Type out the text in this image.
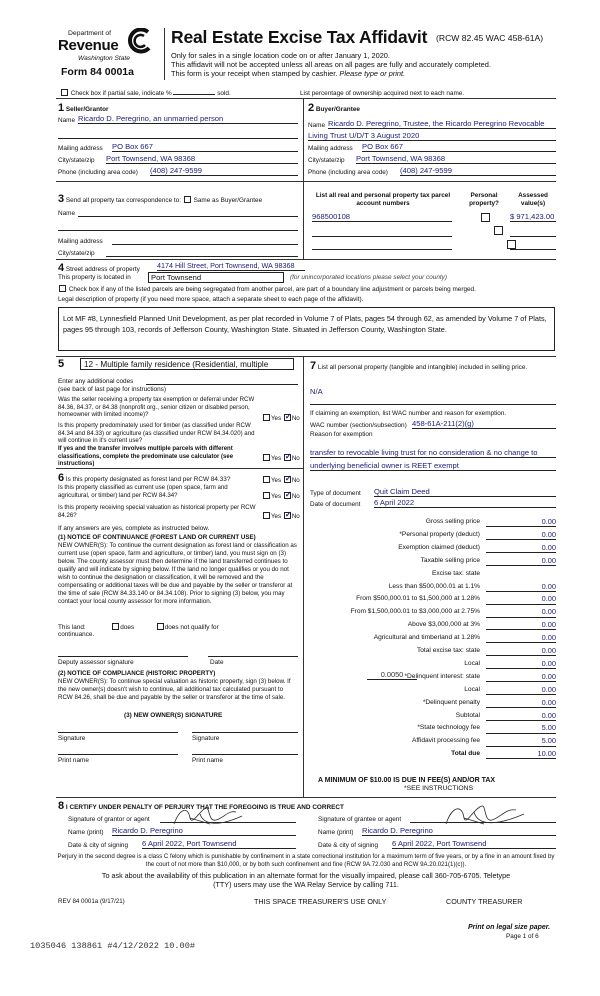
Department of
Revenue
Washington State
Form 84 0001a
Real Estate Excise Tax Affidavit (RCW 82.45 WAC 458-61A)
Only for sales in a single location code on or after January 1, 2020.
This affidavit will not be accepted unless all areas on all pages are fully and accurately completed.
This form is your receipt when stamped by cashier. Please type or print.
Check box if partial sale, indicate %	sold.	List percentage of ownership acquired next to each name.
1 Seller/Grantor
Name Ricardo D. Peregrino, an unmarried person
Mailing address PO Box 667
City/state/zip Port Townsend, WA 98368
Phone (including area code) (408) 247-9599
2 Buyer/Grantee
Name Ricardo D. Peregrino, Trustee, the Ricardo Peregrino Revocable
Living Trust U/D/T 3 August 2020
Mailing address PO Box 667
City/state/zip Port Townsend, WA 98368
Phone (including area code) (408) 247-9599
3 Send all property tax correspondence to: Same as Buyer/Grantee
Name
Mailing address
City/state/zip
List all real and personal property tax parcel account numbers
Personal property?
Assessed value(s)
968500108
	$ 971,423.00

4 Street address of property 4174 Hill Street, Port Townsend, WA 98368
This property is located in	Port Townsend	(for unincorporated locations please select your county)
Check box if any of the listed parcels are being segregated from another parcel, are part of a boundary line adjustment or parcels being merged.
Legal description of property (if you need more space, attach a separate sheet to each page of the affidavit).
Lot MF #8, Lynnesfield Planned Unit Development, as per plat recorded in Volume 7 of Plats, pages 54 through 62, as amended by Volume 7 of Plats, pages 95 through 103, records of Jefferson County, Washington State. Situated in Jefferson County, Washington State.
5	12 - Multiple family residence (Residential, multiple
Enter any additional codes
(see back of last page for instructions)
Was the seller receiving a property tax exemption or deferral under RCW 84.36, 84.37, or 84.38 (nonprofit org., senior citizen or disabled person, homeowner with limited income)?
Yes ✓ No
Is this property predominately used for timber (as classified under RCW 84.34 and 84.33) or agriculture (as classified under RCW 84.34.020) and will continue in it's current use?
If yes and the transfer involves multiple parcels with different classifications, complete the predominate use calculator (see instructions)
Yes ✓ No
6 Is this property designated as forest land per RCW 84.33?	Yes ✓ No
Is this property classified as current use (open space, farm and agricultural, or timber) land per RCW 84.34?	Yes ✓ No
Is this property receiving special valuation as historical property per RCW 84.26?	Yes ✓ No
If any answers are yes, complete as instructed below.
(1) NOTICE OF CONTINUANCE (FOREST LAND OR CURRENT USE)
NEW OWNER(S): To continue the current designation as forest land or classification as current use (open space, farm and agriculture, or timber) land, you must sign on (3) below. The county assessor must then determine if the land transferred continues to qualify and will indicate by signing below. If the land no longer qualifies or you do not wish to continue the designation or classification, it will be removed and the compensating or additional taxes will be due and payable by the seller or transferor at the time of sale (RCW 84.33.140 or 84.34.108). Prior to signing (3) below, you may contact your local county assessor for more information.
This land:	does	does not qualify for
continuance.
Deputy assessor signature	Date
(2) NOTICE OF COMPLIANCE (HISTORIC PROPERTY)
NEW OWNER(S): To continue special valuation as historic property, sign (3) below. If the new owner(s) doesn't wish to continue, all additional tax calculated pursuant to RCW 84.26, shall be due and payable by the seller or transferor at the time of sale.
(3) NEW OWNER(S) SIGNATURE
Signature	Signature
Print name	Print name
7 List all personal property (tangible and intangible) included in selling price.
N/A
If claiming an exemption, list WAC number and reason for exemption.
WAC number (section/subsection) 458-61A-211(2)(g)
Reason for exemption
transfer to revocable living trust for no consideration & no change to
underlying beneficial owner is REET exempt
Type of document Quit Claim Deed
Date of document 6 April 2022
Gross selling price	0.00
*Personal property (deduct)	0.00
Exemption claimed (deduct)	0.00
Taxable selling price	0.00
Excise tax: state
Less than $500,000.01 at 1.1%	0.00
From $500,000.01 to $1,500,000 at 1.28%	0.00
From $1,500,000.01 to $3,000,000 at 2.75%	0.00
Above $3,000,000 at 3%	0.00
Agricultural and timberland at 1.28%	0.00
Total excise tax: state	0.00
Local	0.00
*Delinquent interest: state	0.00
Local	0.00
*Delinquent penalty	0.00
Subtotal	0.00
*State technology fee	5.00
Affidavit processing fee	5.00
Total due	10.00
0.0050
A MINIMUM OF $10.00 IS DUE IN FEE(S) AND/OR TAX
*SEE INSTRUCTIONS
8 I CERTIFY UNDER PENALTY OF PERJURY THAT THE FOREGOING IS TRUE AND CORRECT
Signature of grantor or agent	Signature of grantee or agent
Name (print) Ricardo D. Peregrino	Name (print) Ricardo D. Peregrino
Date & city of signing 6 April 2022, Port Townsend	Date & city of signing 6 April 2022, Port Townsend
Perjury in the second degree is a class C felony which is punishable by confinement in a state correctional institution for a maximum term of five years, or by a fine in an amount fixed by the court of not more than $10,000, or by both such confinement and fine (RCW 9A.72.030 and RCW 9A.20.021(1)(c)).
To ask about the availability of this publication in an alternate format for the visually impaired, please call 360-705-6705. Teletype
(TTY) users may use the WA Relay Service by calling 711.
REV 84 0001a (9/17/21)	THIS SPACE TREASURER'S USE ONLY	COUNTY TREASURER
1035046 138861 #4/12/2022 10.00#
Print on legal size paper.
Page 1 of 6
